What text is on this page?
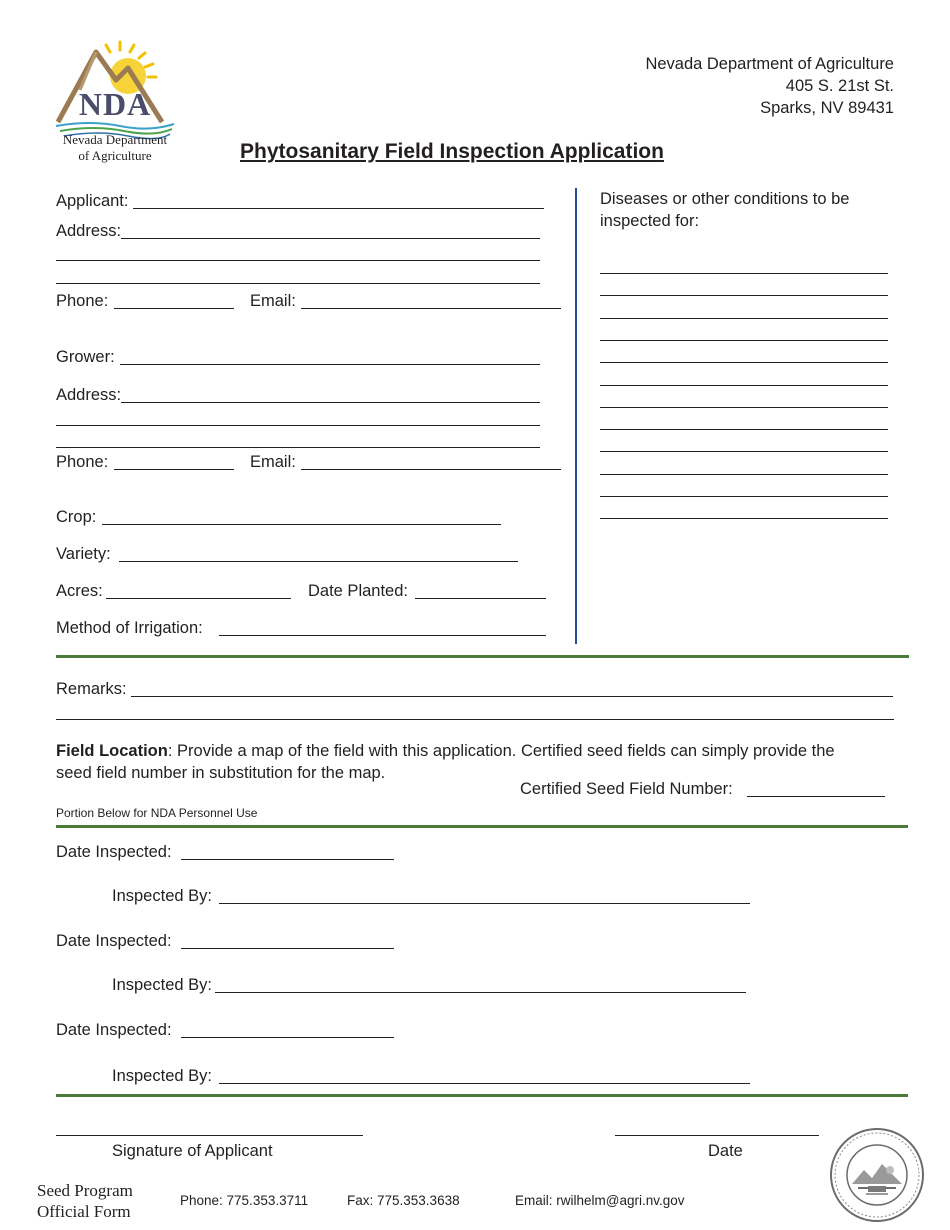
NDA
Nevada Department
of Agriculture
Nevada Department of Agriculture
405 S. 21st St.
Sparks, NV 89431
Phytosanitary Field Inspection Application
Applicant:
Address:
Phone:	Email:
Grower:
Address:
Phone:	Email:
Crop:
Variety:
Acres:	Date Planted:
Method of Irrigation:
Diseases or other conditions to be
inspected for:
Remarks:
Field Location: Provide a map of the field with this application. Certified seed fields can simply provide the
seed field number in substitution for the map.
Certified Seed Field Number:
Portion Below for NDA Personnel Use
Date Inspected:
Inspected By:
Date Inspected:
Inspected By:
Date Inspected:
Inspected By:
Signature of Applicant	Date
Seed Program
Official Form
Phone: 775.353.3711	Fax: 775.353.3638	Email: rwilhelm@agri.nv.gov
